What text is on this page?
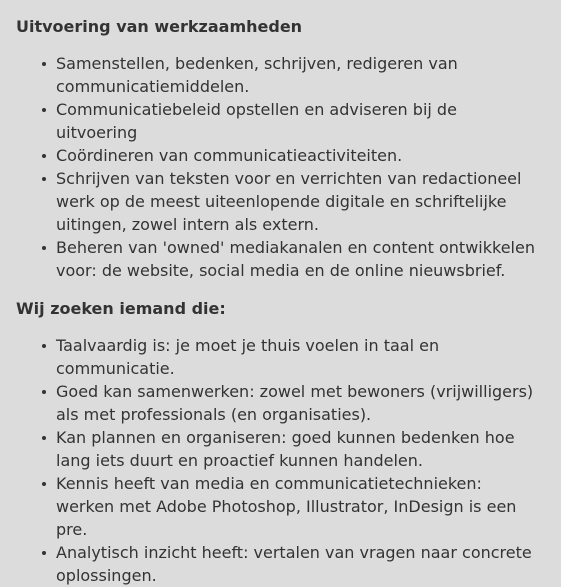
Uitvoering van werkzaamheden
Samenstellen, bedenken, schrijven, redigeren van communicatiemiddelen.
Communicatiebeleid opstellen en adviseren bij de uitvoering
Coördineren van communicatieactiviteiten.
Schrijven van teksten voor en verrichten van redactioneel werk op de meest uiteenlopende digitale en schriftelijke uitingen, zowel intern als extern.
Beheren van 'owned' mediakanalen en content ontwikkelen voor: de website, social media en de online nieuwsbrief.
Wij zoeken iemand die:
Taalvaardig is: je moet je thuis voelen in taal en communicatie.
Goed kan samenwerken: zowel met bewoners (vrijwilligers) als met professionals (en organisaties).
Kan plannen en organiseren: goed kunnen bedenken hoe lang iets duurt en proactief kunnen handelen.
Kennis heeft van media en communicatietechnieken: werken met Adobe Photoshop, Illustrator, InDesign is een pre.
Analytisch inzicht heeft: vertalen van vragen naar concrete oplossingen.
